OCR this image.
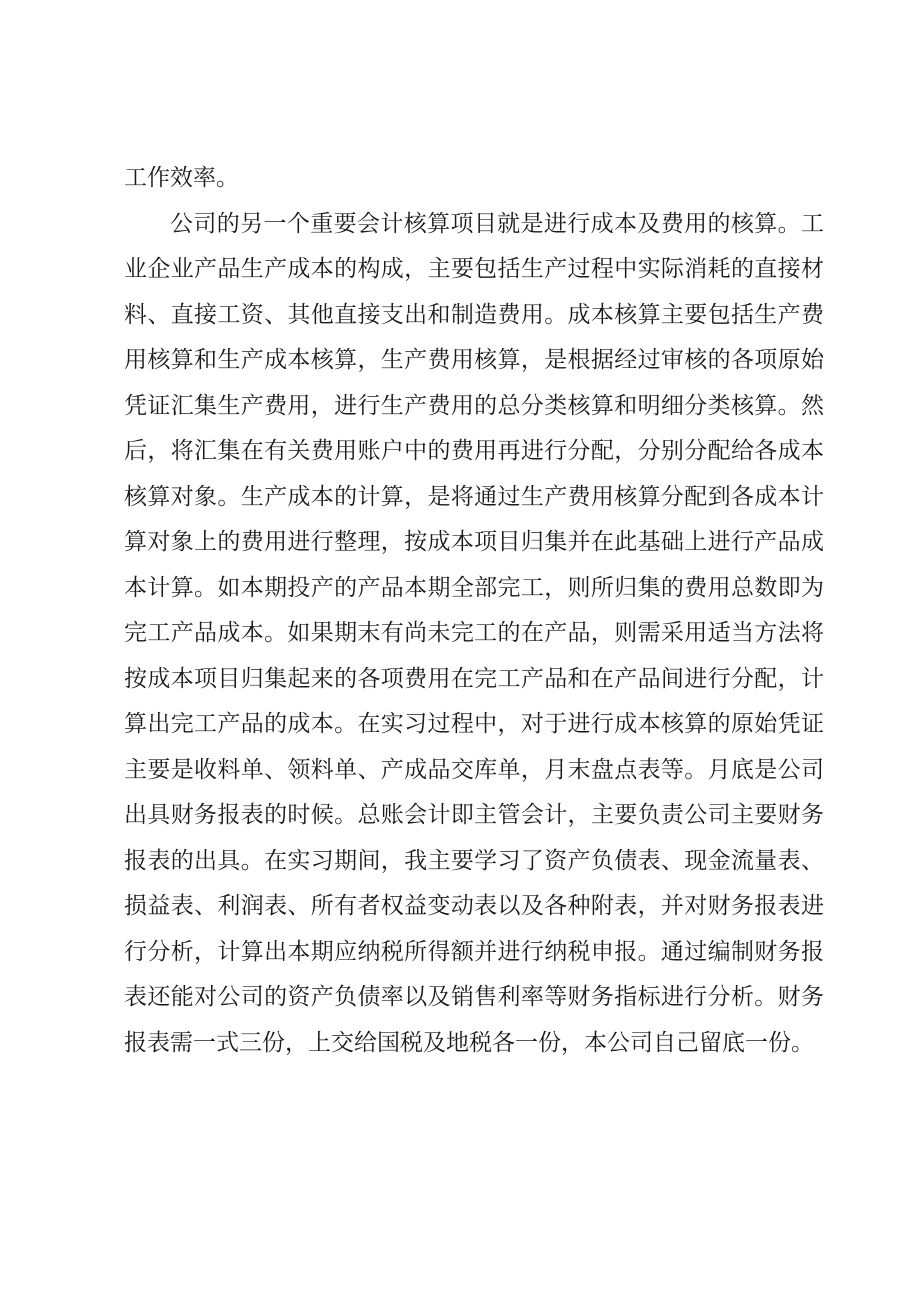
工作效率。
公司的另一个重要会计核算项目就是进行成本及费用的核算。工
业企业产品生产成本的构成，主要包括生产过程中实际消耗的直接材
料、直接工资、其他直接支出和制造费用。成本核算主要包括生产费
用核算和生产成本核算，生产费用核算，是根据经过审核的各项原始
凭证汇集生产费用，进行生产费用的总分类核算和明细分类核算。然
后，将汇集在有关费用账户中的费用再进行分配，分别分配给各成本
核算对象。生产成本的计算，是将通过生产费用核算分配到各成本计
算对象上的费用进行整理，按成本项目归集并在此基础上进行产品成
本计算。如本期投产的产品本期全部完工，则所归集的费用总数即为
完工产品成本。如果期末有尚未完工的在产品，则需采用适当方法将
按成本项目归集起来的各项费用在完工产品和在产品间进行分配，计
算出完工产品的成本。在实习过程中，对于进行成本核算的原始凭证
主要是收料单、领料单、产成品交库单，月末盘点表等。月底是公司
出具财务报表的时候。总账会计即主管会计，主要负责公司主要财务
报表的出具。在实习期间，我主要学习了资产负债表、现金流量表、
损益表、利润表、所有者权益变动表以及各种附表，并对财务报表进
行分析，计算出本期应纳税所得额并进行纳税申报。通过编制财务报
表还能对公司的资产负债率以及销售利率等财务指标进行分析。财务
报表需一式三份，上交给国税及地税各一份，本公司自己留底一份。
